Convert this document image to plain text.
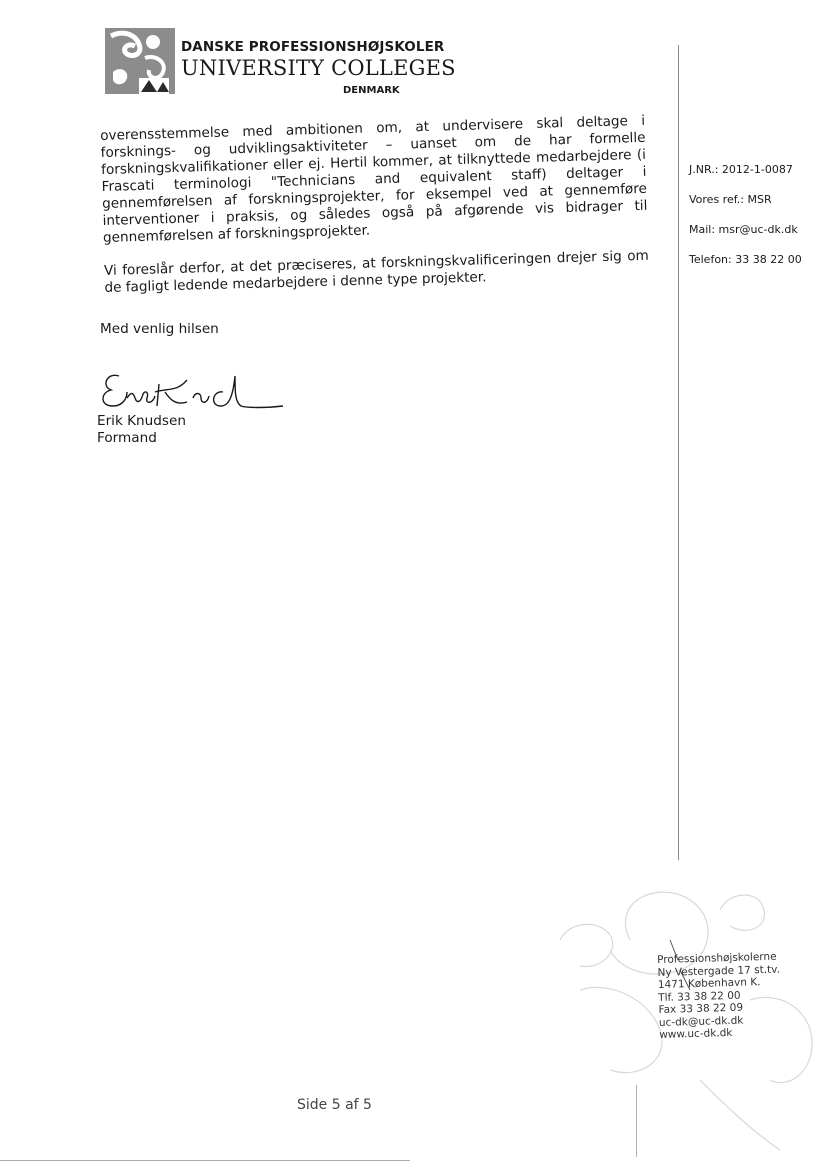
DANSKE PROFESSIONSHØJSKOLER
UNIVERSITY COLLEGES
DENMARK
J.NR.: 2012-1-0087
Vores ref.: MSR
Mail: msr@uc-dk.dk
Telefon: 33 38 22 00

overensstemmelse med ambitionen om, at undervisere skal deltage i forsknings- og udviklingsaktiviteter – uanset om de har formelle forskningskvalifikationer eller ej. Hertil kommer, at tilknyttede medarbejdere (i Frascati terminologi "Technicians and equivalent staff) deltager i gennemførelsen af forskningsprojekter, for eksempel ved at gennemføre interventioner i praksis, og således også på afgørende vis bidrager til gennemførelsen af forskningsprojekter.

Vi foreslår derfor, at det præciseres, at forskningskvalificeringen drejer sig om de fagligt ledende medarbejdere i denne type projekter.

Med venlig hilsen
Erik Knudsen
Formand
Professionshøjskolerne
Ny Vestergade 17 st.tv.
1471 København K.
Tlf. 33 38 22 00
Fax 33 38 22 09
uc-dk@uc-dk.dk
www.uc-dk.dk
Side 5 af 5
